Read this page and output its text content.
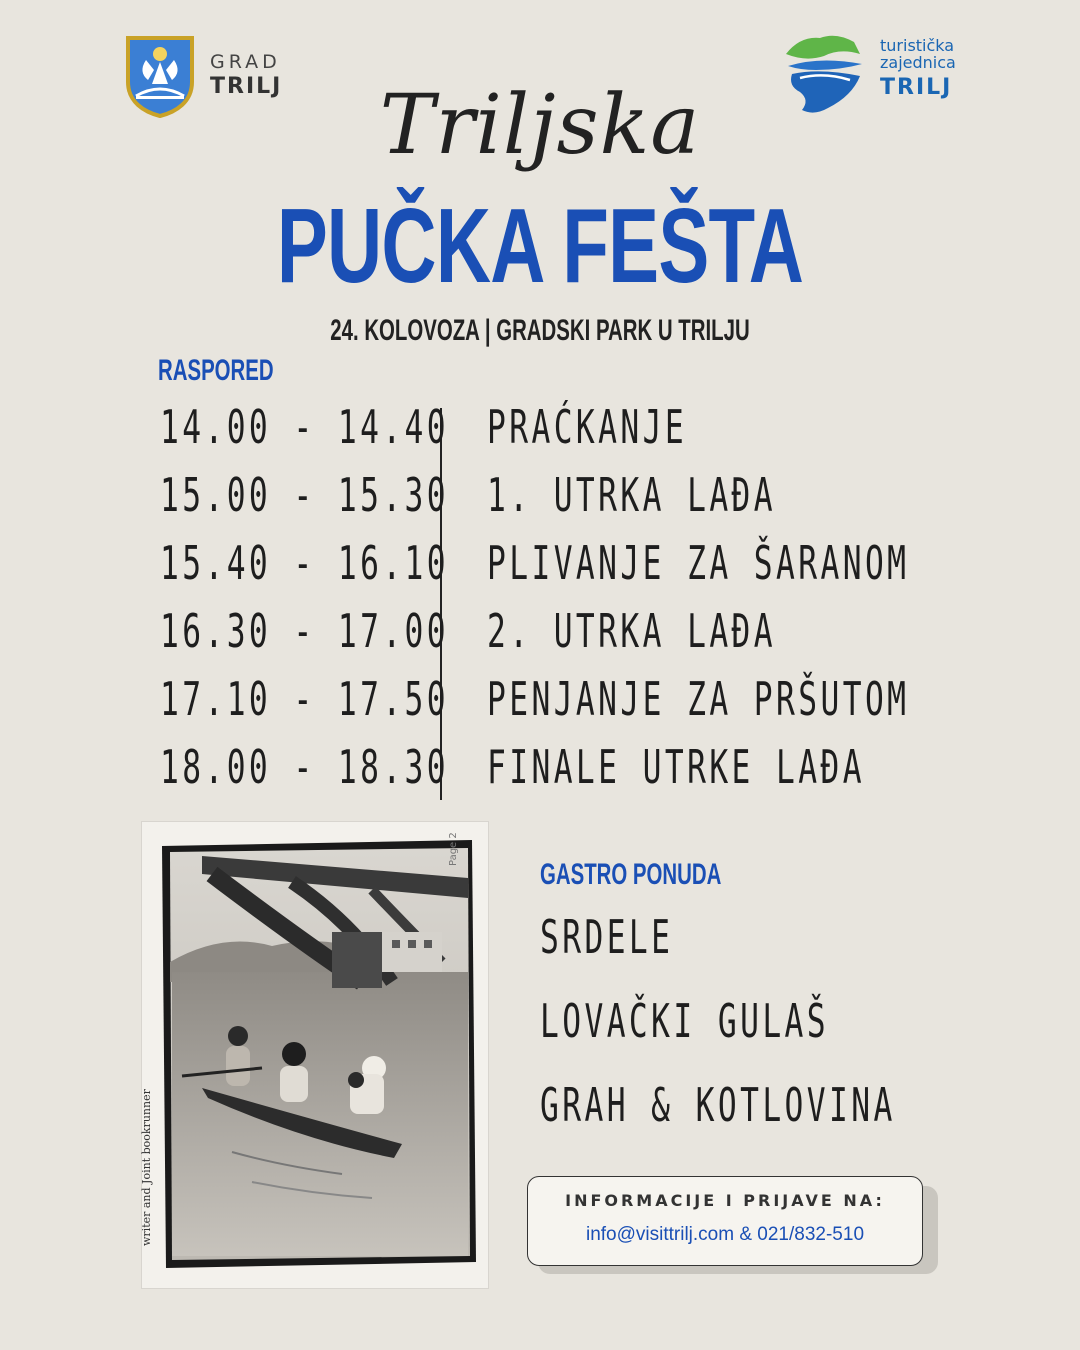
GRAD
TRILJ
turistička
zajednica
TRILJ
Triljska
PUČKA FEŠTA
24. KOLOVOZA | GRADSKI PARK U TRILJU
RASPORED
14.00 - 14.40 PRAĆKANJE
15.00 - 15.30 1. UTRKA LAĐA
15.40 - 16.10 PLIVANJE ZA ŠARANOM
16.30 - 17.00 2. UTRKA LAĐA
17.10 - 17.50 PENJANJE ZA PRŠUTOM
18.00 - 18.30 FINALE UTRKE LAĐA
Page 2
writer and Joint bookrunner
GASTRO PONUDA
SRDELE
LOVAČKI GULAŠ
GRAH & KOTLOVINA
INFORMACIJE I PRIJAVE NA:
info@visittrilj.com & 021/832-510
